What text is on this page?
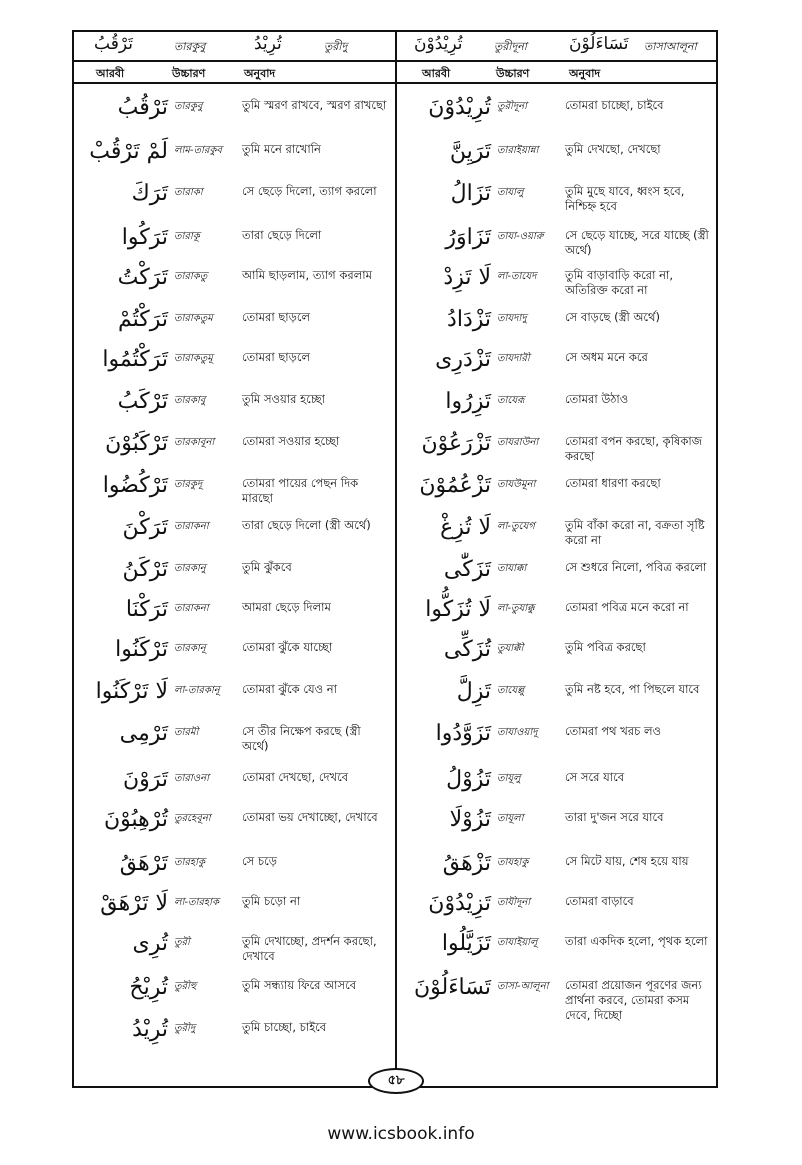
تَرْقُبُ	তারকুবু	تُرِيْدُ	তুরীদু	تُرِيْدُوْنَ	তুরীদূনা تَسَاءَلُوْنَ তাসাআলূনা
আরবী	উচ্চারণ	অনুবাদ	আরবী	উচ্চারণ	অনুবাদ
تَرْقُبُ তারকুবু	তুমি স্মরণ রাখবে, স্মরণ রাখছো
لَمْ تَرْقُبْ লাম-তারকুব	তুমি মনে রাখোনি
تَرَكَ তারাকা	সে ছেড়ে দিলো, ত্যাগ করলো
تَرَكُوا তারাকূ	তারা ছেড়ে দিলো
تَرَكْتُ তারাকতু	আমি ছাড়লাম, ত্যাগ করলাম
تَرَكْتُمْ তারাকতুম	তোমরা ছাড়লে
تَرَكْتُمُوا তারাকতুমূ	তোমরা ছাড়লে
تَرْكَبُ তারকাবু	তুমি সওয়ার হচ্ছো
تَرْكَبُوْنَ তারকাবূনা	তোমরা সওয়ার হচ্ছো
تَرْكُضُوا তারকুদূ	তোমরা পায়ের পেছন দিক মারছো
تَرَكْنَ তারাকনা	তারা ছেড়ে দিলো (স্ত্রী অর্থে)
تَرْكَنُ তারকানু	তুমি ঝুঁকবে
تَرَكْنَا তারাকনা	আমরা ছেড়ে দিলাম
تَرْكَنُوا তারকানূ	তোমরা ঝুঁকে যাচ্ছো
لَا تَرْكَنُوا লা-তারকানূ	তোমরা ঝুঁকে যেও না
تَرْمِى তারমী	সে তীর নিক্ষেপ করছে (স্ত্রী অর্থে)
تَرَوْنَ তারাওনা	তোমরা দেখছো, দেখবে
تُرْهِبُوْنَ তুরহেবূনা	তোমরা ভয় দেখাচ্ছো, দেখাবে
تَرْهَقُ তারহাকু	সে চড়ে
لَا تَرْهَقْ লা-তারহাক	তুমি চড়ো না
تُرِى তুরী	তুমি দেখাচ্ছো, প্রদর্শন করছো, দেখাবে
تُرِيْحُ তুরীহু	তুমি সন্ধ্যায় ফিরে আসবে
تُرِيْدُ তুরীদু	তুমি চাচ্ছো, চাইবে
تُرِيْدُوْنَ তুরীদূনা	তোমরা চাচ্ছো, চাইবে
تَرَيِنَّ তারাইয়ান্না	তুমি দেখছো, দেখছো
تَزَالُ তাযালু	তুমি মুছে যাবে, ধ্বংস হবে, নিশ্চিহ্ন হবে
تَزَاوَرُ তাযা-ওয়ারু	সে ছেড়ে যাচ্ছে, সরে যাচ্ছে (স্ত্রী অর্থে)
لَا تَزِدْ লা-তাযেদ	তুমি বাড়াবাড়ি করো না, অতিরিক্ত করো না
تَزْدَادُ তাযদাদু	সে বাড়ছে (স্ত্রী অর্থে)
تَزْدَرِى তাযদারী	সে অধম মনে করে
تَزِرُوا তাযেরূ	তোমরা উঠাও
تَزْرَعُوْنَ তাযরাউনা	তোমরা বপন করছো, কৃষিকাজ করছো
تَزْعُمُوْنَ তাযউমূনা	তোমরা ধারণা করছো
لَا تُزِغْ লা-তুযেগ	তুমি বাঁকা করো না, বক্রতা সৃষ্টি করো না
تَزَكّٰى তাযাক্কা	সে শুধরে নিলো, পবিত্র করলো
لَا تُزَكُّوا লা-তুযাক্কু	তোমরা পবিত্র মনে করো না
تُزَكِّى তুযাক্কী	তুমি পবিত্র করছো
تَزِلَّ তাযেল্লু	তুমি নষ্ট হবে, পা পিছলে যাবে
تَزَوَّدُوا তাযাওয়াদূ	তোমরা পথ খরচ লও
تَزُوْلُ তাযূলু	সে সরে যাবে
تَزُوْلَا তাযূলা	তারা দু'জন সরে যাবে
تَزْهَقُ তাযহাকু	সে মিটে যায়, শেষ হয়ে যায়
تَزِيْدُوْنَ তাযীদূনা	তোমরা বাড়াবে
تَزَيَّلُوا তাযাইয়ালূ	তারা একদিক হলো, পৃথক হলো
تَسَاءَلُوْنَ তাসা-আলূনা	তোমরা প্রয়োজন পূরণের জন্য প্রার্থনা করবে, তোমরা কসম দেবে, দিচ্ছো
৫৮
www.icsbook.info
